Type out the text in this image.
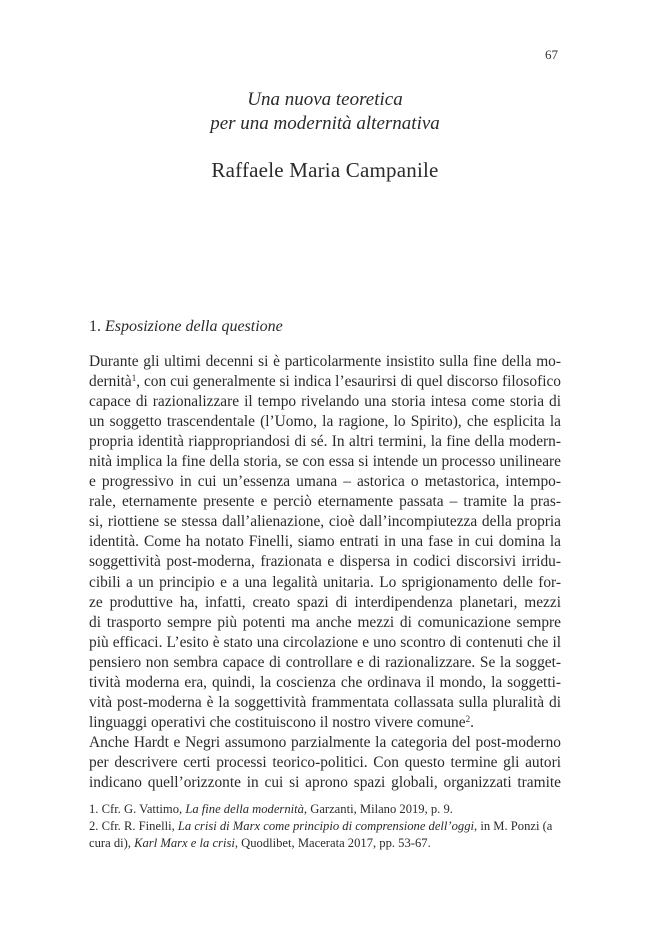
67
Una nuova teoretica
per una modernità alternativa
Raffaele Maria Campanile
1. Esposizione della questione
Durante gli ultimi decenni si è particolarmente insistito sulla fine della mo-
dernità$^1$, con cui generalmente si indica l’esaurirsi di quel discorso filosofico
capace di razionalizzare il tempo rivelando una storia intesa come storia di
un soggetto trascendentale (l’Uomo, la ragione, lo Spirito), che esplicita la
propria identità riappropriandosi di sé. In altri termini, la fine della modern-
nità implica la fine della storia, se con essa si intende un processo unilineare
e progressivo in cui un’essenza umana – astorica o metastorica, intempo-
rale, eternamente presente e perciò eternamente passata – tramite la pras-
si, riottiene se stessa dall’alienazione, cioè dall’incompiutezza della propria
identità. Come ha notato Finelli, siamo entrati in una fase in cui domina la
soggettività post-moderna, frazionata e dispersa in codici discorsivi irridu-
cibili a un principio e a una legalità unitaria. Lo sprigionamento delle for-
ze produttive ha, infatti, creato spazi di interdipendenza planetari, mezzi
di trasporto sempre più potenti ma anche mezzi di comunicazione sempre
più efficaci. L’esito è stato una circolazione e uno scontro di contenuti che il
pensiero non sembra capace di controllare e di razionalizzare. Se la sogget-
tività moderna era, quindi, la coscienza che ordinava il mondo, la soggetti-
vità post-moderna è la soggettività frammentata collassata sulla pluralità di
linguaggi operativi che costituiscono il nostro vivere comune$^2$.
Anche Hardt e Negri assumono parzialmente la categoria del post-moderno
per descrivere certi processi teorico-politici. Con questo termine gli autori
indicano quell’orizzonte in cui si aprono spazi globali, organizzati tramite
1. Cfr. G. Vattimo, La fine della modernità, Garzanti, Milano 2019, p. 9.
2. Cfr. R. Finelli, La crisi di Marx come principio di comprensione dell’oggi, in M. Ponzi (a
cura di), Karl Marx e la crisi, Quodlibet, Macerata 2017, pp. 53-67.
